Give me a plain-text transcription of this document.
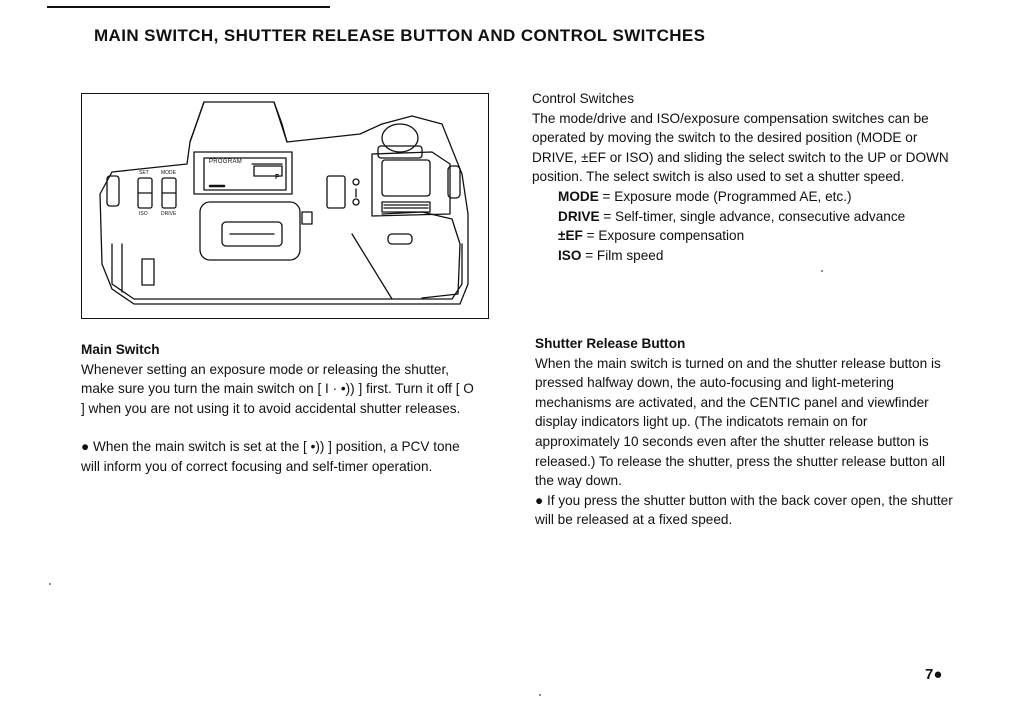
MAIN SWITCH, SHUTTER RELEASE BUTTON AND CONTROL SWITCHES
PROGRAM
SET MODE
ISO	DRIVE
F

Main Switch

Whenever setting an exposure mode or releasing the shutter, make sure you turn the main switch on [ I · •)) ] first. Turn it off [ O ] when you are not using it to avoid accidental shutter releases.

● When the main switch is set at the [ •)) ] position, a PCV tone will inform you of correct focusing and self-timer operation.

Control Switches

The mode/drive and ISO/exposure compensation switches can be operated by moving the switch to the desired position (MODE or DRIVE, ±EF or ISO) and sliding the select switch to the UP or DOWN position. The select switch is also used to set a shutter speed.

MODE = Exposure mode (Programmed AE, etc.)

DRIVE = Self-timer, single advance, consecutive advance

±EF = Exposure compensation

ISO = Film speed

Shutter Release Button

When the main switch is turned on and the shutter release button is pressed halfway down, the auto-focusing and light-metering mechanisms are activated, and the CENTIC panel and viewfinder display indicators light up. (The indicatots remain on for approximately 10 seconds even after the shutter release button is released.) To release the shutter, press the shutter release button all the way down.

● If you press the shutter button with the back cover open, the shutter will be released at a fixed speed.

7●
